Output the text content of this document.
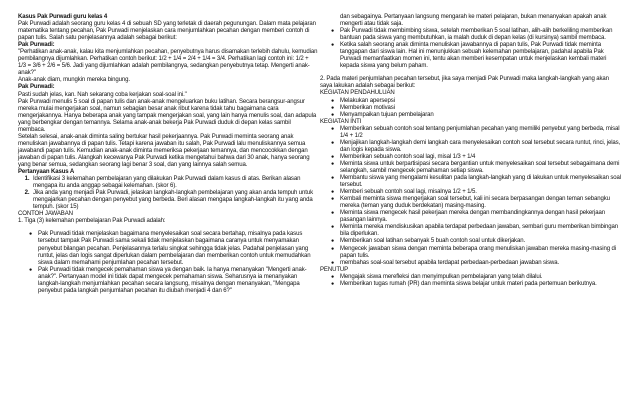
Kasus Pak Purwadi guru kelas 4

Pak Purwadi adalah seorang guru kelas 4 di sebuah SD yang terletak di daerah pegunungan. Dalam mata pelajaran matematika tentang pecahan, Pak Purwadi menjelaskan cara menjumlahkan pecahan dengan memberi contoh di papan tulis. Salah satu penjelasannya adalah sebagai berikut:

Pak Purwadi:

"Perhatikan anak-anak, kalau kita menjumlahkan pecahan, penyebutnya harus disamakan terlebih dahulu, kemudian pembilangnya dijumlahkan. Perhatikan contoh berikut: 1/2 + 1/4 = 2/4 + 1/4 = 3/4. Perhatikan lagi contoh ini: 1/2 + 1/3 = 3/6 + 2/6 = 5/6. Jadi yang dijumlahkan adalah pembilangnya, sedangkan penyebutnya tetap. Mengerti anak-anak?"

Anak-anak diam, mungkin mereka bingung.

Pak Purwadi:

Pasti sudah jelas, kan. Nah sekarang coba kerjakan soal-soal ini."

Pak Purwadi menulis 5 soal di papan tulis dan anak-anak mengeluarkan buku latihan. Secara berangsur-angsur mereka mulai mengerjakan soal, namun sebagian besar anak ribut karena tidak tahu bagaimana cara mengerjakannya. Hanya beberapa anak yang tampak mengerjakan soal, yang lain hanya menulis soal, dan adapula yang berbengkar dengan temannya. Selama anak-anak bekerja Pak Purwadi duduk di depan kelas sambil membaca.

Setelah selesai, anak-anak diminta saling bertukar hasil pekerjaannya. Pak Purwadi meminta seorang anak menuliskan jawabannya di papan tulis. Tetapi karena jawaban itu salah, Pak Purwadi lalu menuliskannya semua jawabandi papan tulis. Kemudian anak-anak diminta memeriksa pekerjaan temannya, dan mencocokkan dengan jawaban di papan tulis. Alangkah kecewanya Pak Purwadi ketika mengetahui bahwa dari 30 anak, hanya seorang yang benar semua, sedangkan seorang lagi benar 3 soal, dan yang lainnya salah semua.

Pertanyaan Kasus A

1. Identifikasi 3 kelemahan pembelajaran yang dilakukan Pak Purwadi dalam kasus di atas. Berikan alasan mengapa itu anda anggap sebagai kelemahan. (skor 6).
2. Jika anda yang menjadi Pak Purwadi, jelaskan langkah-langkah pembelajaran yang akan anda tempuh untuk mengajarkan pecahan dengan penyebut yang berbeda. Beri alasan mengapa langkah-langkah itu yang anda tempuh. (skor 15)

CONTOH JAWABAN

1. Tiga (3) kelemahan pembelajaran Pak Purwadi adalah:

● Pak Purwadi tidak menjelaskan bagaimana menyelesaikan soal secara bertahap, misalnya pada kasus tersebut tampak Pak Purwadi sama sekali tidak menjelaskan bagaimana caranya untuk menyamakan penyebut bilangan pecahan. Penjelasannya terlalu singkat sehingga tidak jelas. Padahal penjelasan yang runtut, jelas dan logis sangat diperlukan dalam pembelajaran dan memberikan contoh untuk memudahkan siswa dalam memahami penjumlahan pecahan tersebut.
● Pak Purwadi tidak mengecek pemahaman siswa ya dengan baik. Ia hanya menanyakan "Mengerti anak-anak?". Pertanyaan model ini tidak dapat mengecek pemahaman siswa. Seharusnya ia menanyakan langkah-langkah menjumlahkan pecahan secara langsung, misalnya dengan menanyakan, "Mengapa penyebut pada langkah penjumlahan pecahan itu diubah menjadi 4 dan 6?"

dan sebagainya. Pertanyaan langsung mengarah ke materi pelajaran, bukan menanyakan apakah anak mengerti atau tidak saja.

● Pak Purwadi tidak membimbing siswa, setelah memberikan 5 soal latihan, alih-alih berkeliling memberikan bantuan pada siswa yang membutuhkan, ia malah duduk di depan kelas (di kursinya) sambil membaca.
● Ketika salah seorang anak diminta menuliskan jawabannya di papan tulis, Pak Purwadi tidak meminta tanggapan dari siswa lain. Hal ini menunjukkan sebuah kelemahan pembelajaran, padahal apabila Pak Purwadi memanfaatkan momen ini, tentu akan memberi kesempatan untuk menjelaskan kembali materi kepada siswa yang belum paham.

2. Pada materi penjumlahan pecahan tersebut, jika saya menjadi Pak Purwadi maka langkah-langkah yang akan saya lakukan adalah sebagai berikut:

KEGIATAN PENDAHULUAN

● Melakukan apersepsi
● Memberikan motivasi
● Menyampaikan tujuan pembelajaran

KEGIATAN INTI

● Memberikan sebuah contoh soal tentang penjumlahan pecahan yang memiliki penyebut yang berbeda, misal 1/4 + 1/2
● Menjajikan langkah-langkah demi langkah cara menyelesaikan contoh soal tersebut secara runtut, rinci, jelas, dan logis kepada siswa.
● Memberikan sebuah contoh soal lagi, misal 1/3 + 1/4
● Meminta siswa untuk berpartisipasi secara bergantian untuk menyelesaikan soal tersebut sebagaimana demi selangkah, sambil mengecek pemahaman setiap siswa.
● Membantu siswa yang mengalami kesulitan pada langkah-langkah yang di lakukan untuk menyelesaikan soal tersebut.
● Memberi sebuah contoh soal lagi, misalnya 1/2 + 1/5.
● Kembali meminta siswa mengerjakan soal tersebut, kali ini secara berpasangan dengan teman sebangku mereka (teman yang duduk berdekatan) masing-masing.
● Meminta siswa mengecek hasil pekerjaan mereka dengan membandingkannya dengan hasil pekerjaan pasangan lainnya.
● Meminta mereka mendiskusikan apabila terdapat perbedaan jawaban, sembari guru memberikan bimbingan bila diperlukan.
● Memberikan soal latihan sebanyak 5 buah contoh soal untuk dikerjakan.
● Mengecek jawaban siswa dengan meminta beberapa orang menuliskan jawaban mereka masing-masing di papan tulis.
● membahas soal-soal tersebut apabila terdapat perbedaan-perbedaan jawaban siswa.

PENUTUP

● Mengajak siswa merefleksi dan menyimpulkan pembelajaran yang telah dilalui.
● Memberikan tugas rumah (PR) dan meminta siswa belajar untuk materi pada pertemuan berikutnya.
